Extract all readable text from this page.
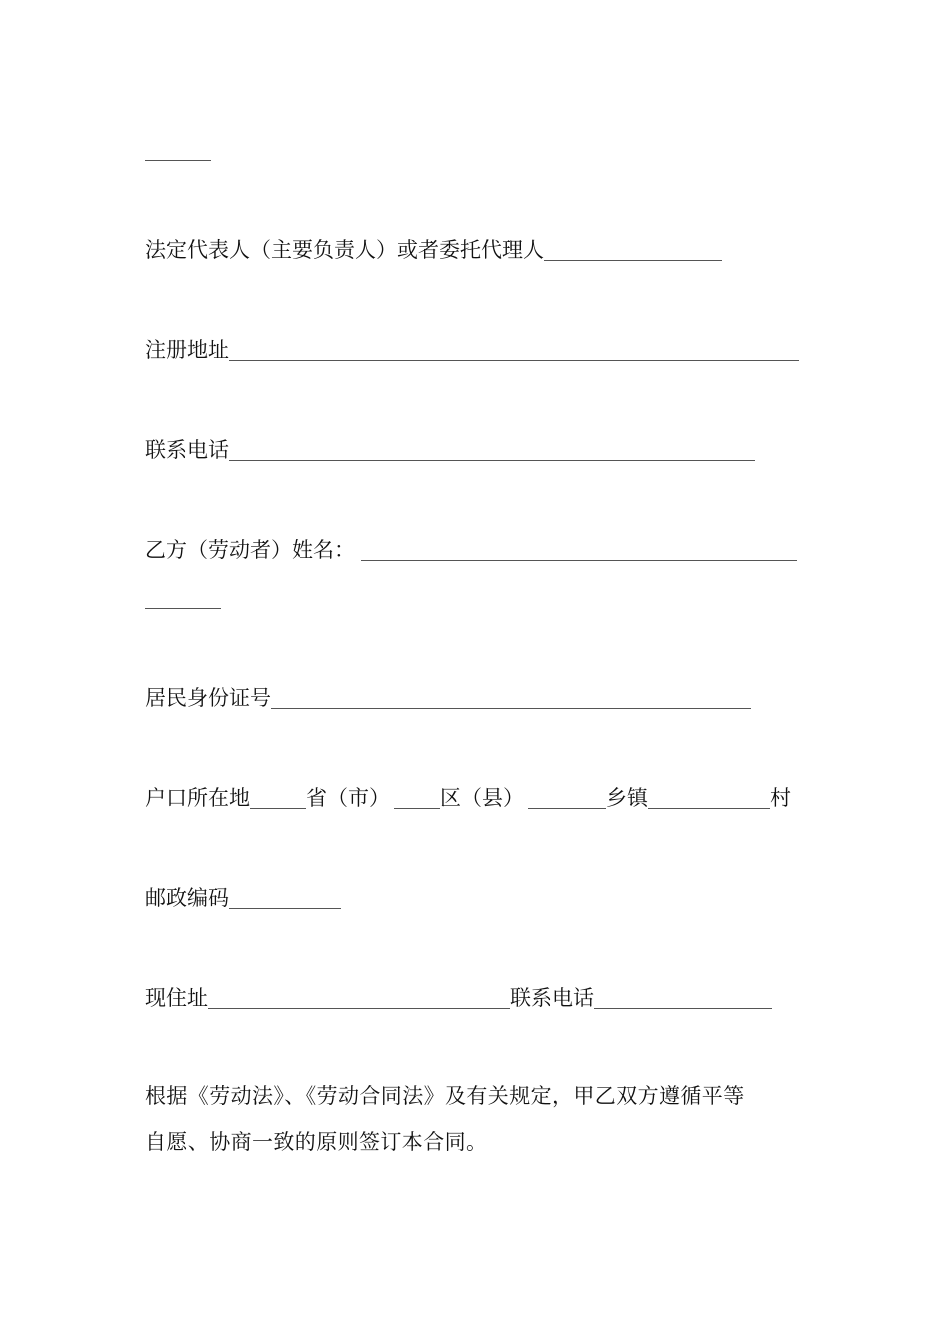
法定代表人（主要负责人）或者委托代理人
注册地址
联系电话
乙方（劳动者）姓名：
居民身份证号
户口所在地	省（市） 区（县）	乡镇	村
邮政编码
现住址	联系电话
根据《劳动法》、《劳动合同法》及有关规定，甲乙双方遵循平等
自愿、协商一致的原则签订本合同。
